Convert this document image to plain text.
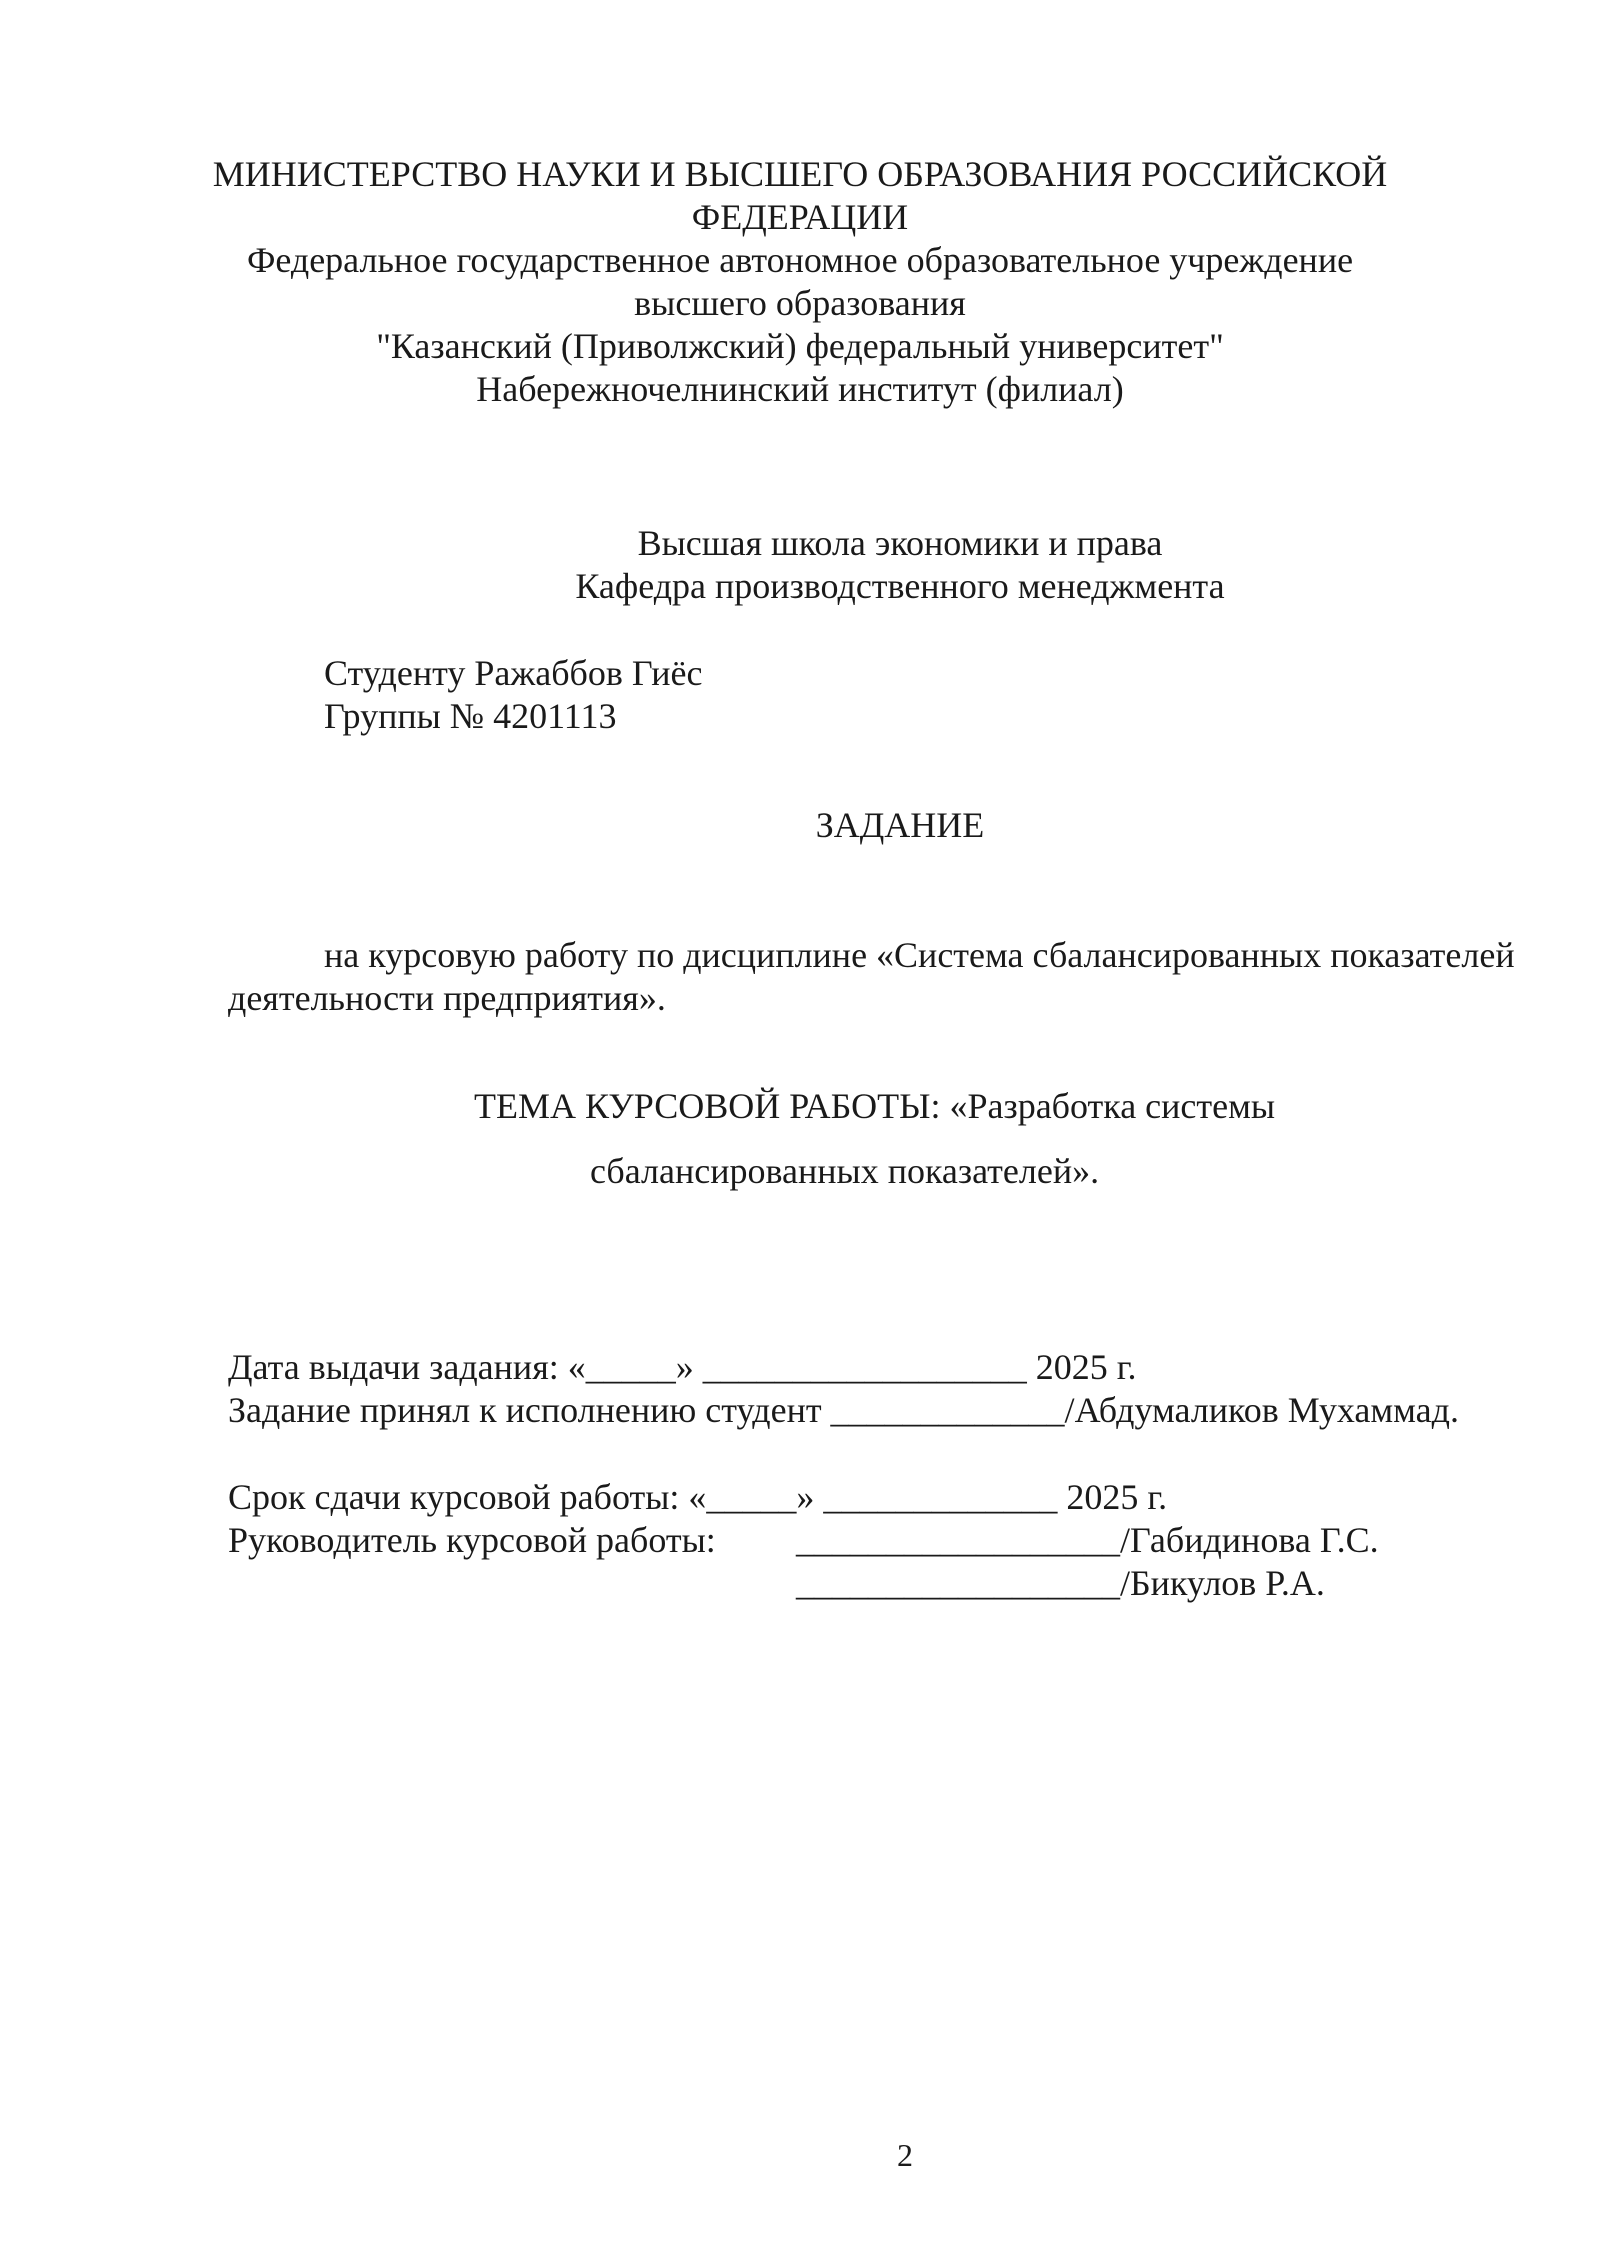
МИНИСТЕРСТВО НАУКИ И ВЫСШЕГО ОБРАЗОВАНИЯ РОССИЙСКОЙ
ФЕДЕРАЦИИ
Федеральное государственное автономное образовательное учреждение
высшего образования
"Казанский (Приволжский) федеральный университет"
Набережночелнинский институт (филиал)
Высшая школа экономики и права
Кафедра производственного менеджмента
Студенту Ражаббов Гиёс
Группы № 4201113
ЗАДАНИЕ
на курсовую работу по дисциплине «Система сбалансированных показателей деятельности предприятия».
ТЕМА КУРСОВОЙ РАБОТЫ: «Разработка системы
сбалансированных показателей».
Дата выдачи задания: «_____» __________________ 2025 г.
Задание принял к исполнению студент _____________/Абдумаликов Мухаммад.
Срок сдачи курсовой работы: «_____» _____________ 2025 г.
Руководитель курсовой работы: __________________/Габидинова Г.С.
__________________/Бикулов Р.А.
2
